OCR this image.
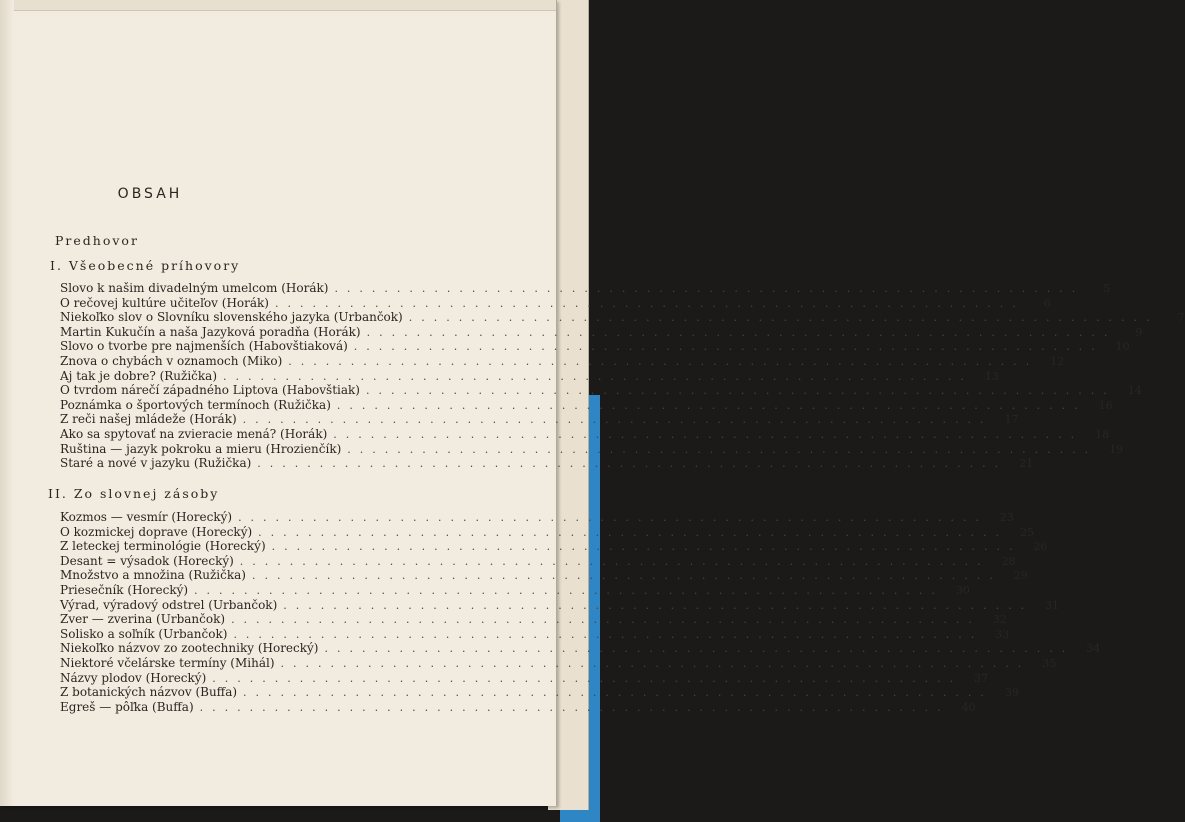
OBSAH
Predhovor
I. Všeobecné príhovory
Slovo k našim divadelným umelcom (Horák) ............................................................	5
O rečovej kultúre učiteľov (Horák) ............................................................	6
Niekoľko slov o Slovníku slovenského jazyka (Urbančok) ............................................................	7
Martin Kukučín a naša Jazyková poradňa (Horák) ............................................................	9
Slovo o tvorbe pre najmenších (Habovštiaková) ............................................................	10
Znova o chybách v oznamoch (Miko) ............................................................	12
Aj tak je dobre? (Ružička) ............................................................	13
O tvrdom nárečí západného Liptova (Habovštiak) ............................................................	14
Poznámka o športových termínoch (Ružička) ............................................................	16
Z reči našej mládeže (Horák) ............................................................	17
Ako sa spytovať na zvieracie mená? (Horák) ............................................................	18
Ruština — jazyk pokroku a mieru (Hrozienčík) ............................................................	19
Staré a nové v jazyku (Ružička) ............................................................	21
II. Zo slovnej zásoby
Kozmos — vesmír (Horecký) ............................................................	23
O kozmickej doprave (Horecký) ............................................................	25
Z leteckej terminológie (Horecký) ............................................................	26
Desant = výsadok (Horecký) ............................................................	28
Množstvo a množina (Ružička) ............................................................	29
Priesečník (Horecký) ............................................................	30
Výrad, výradový odstrel (Urbančok) ............................................................	31
Zver — zverina (Urbančok) ............................................................	32
Solisko a soľník (Urbančok) ............................................................	33
Niekoľko názvov zo zootechniky (Horecký) ............................................................	34
Niektoré včelárske termíny (Mihál) ............................................................	35
Názvy plodov (Horecký) ............................................................	37
Z botanických názvov (Buffa) ............................................................	39
Egreš — pôľka (Buffa) ............................................................	40
